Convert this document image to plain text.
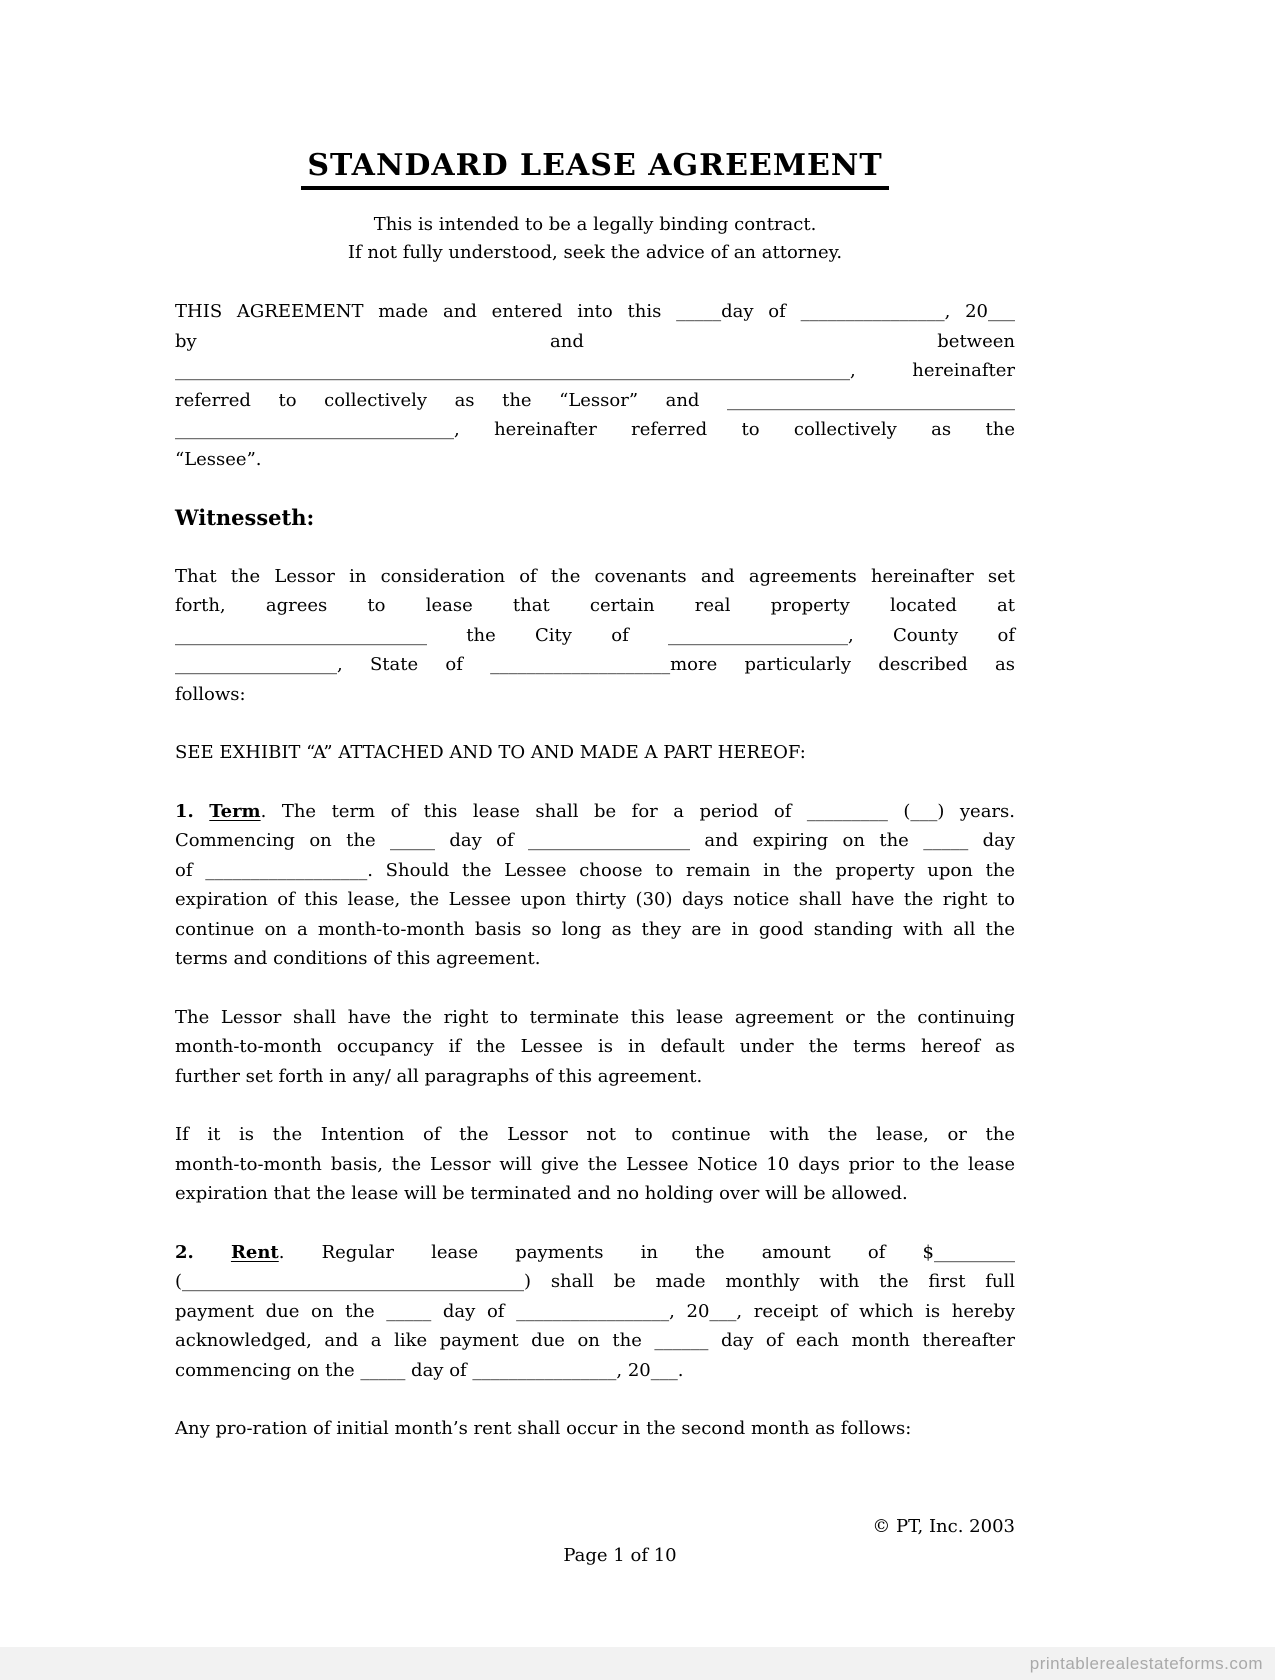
STANDARD LEASE AGREEMENT
This is intended to be a legally binding contract.
If not fully understood, seek the advice of an attorney.
THIS AGREEMENT made and entered into this _____day of ________________, 20___
by and between
___________________________________________________________________________, hereinafter
referred to collectively as the “Lessor” and ________________________________
_______________________________, hereinafter referred to collectively as the
“Lessee”.
Witnesseth:
That the Lessor in consideration of the covenants and agreements hereinafter set
forth, agrees to lease that certain real property located at
____________________________ the City of ____________________, County of
__________________, State of ____________________more particularly described as
follows:
SEE EXHIBIT “A” ATTACHED AND TO AND MADE A PART HEREOF:
1. Term. The term of this lease shall be for a period of _________ (___) years.
Commencing on the _____ day of __________________ and expiring on the _____ day
of __________________. Should the Lessee choose to remain in the property upon the
expiration of this lease, the Lessee upon thirty (30) days notice shall have the right to
continue on a month-to-month basis so long as they are in good standing with all the
terms and conditions of this agreement.
The Lessor shall have the right to terminate this lease agreement or the continuing
month-to-month occupancy if the Lessee is in default under the terms hereof as
further set forth in any/ all paragraphs of this agreement.
If it is the Intention of the Lessor not to continue with the lease, or the
month-to-month basis, the Lessor will give the Lessee Notice 10 days prior to the lease
expiration that the lease will be terminated and no holding over will be allowed.
2. Rent. Regular lease payments in the amount of $_________
(______________________________________) shall be made monthly with the first full
payment due on the _____ day of _________________, 20___, receipt of which is hereby
acknowledged, and a like payment due on the ______ day of each month thereafter
commencing on the _____ day of ________________, 20___.
Any pro-ration of initial month’s rent shall occur in the second month as follows:
© PT, Inc. 2003
Page 1 of 10
printablerealestateforms.com
